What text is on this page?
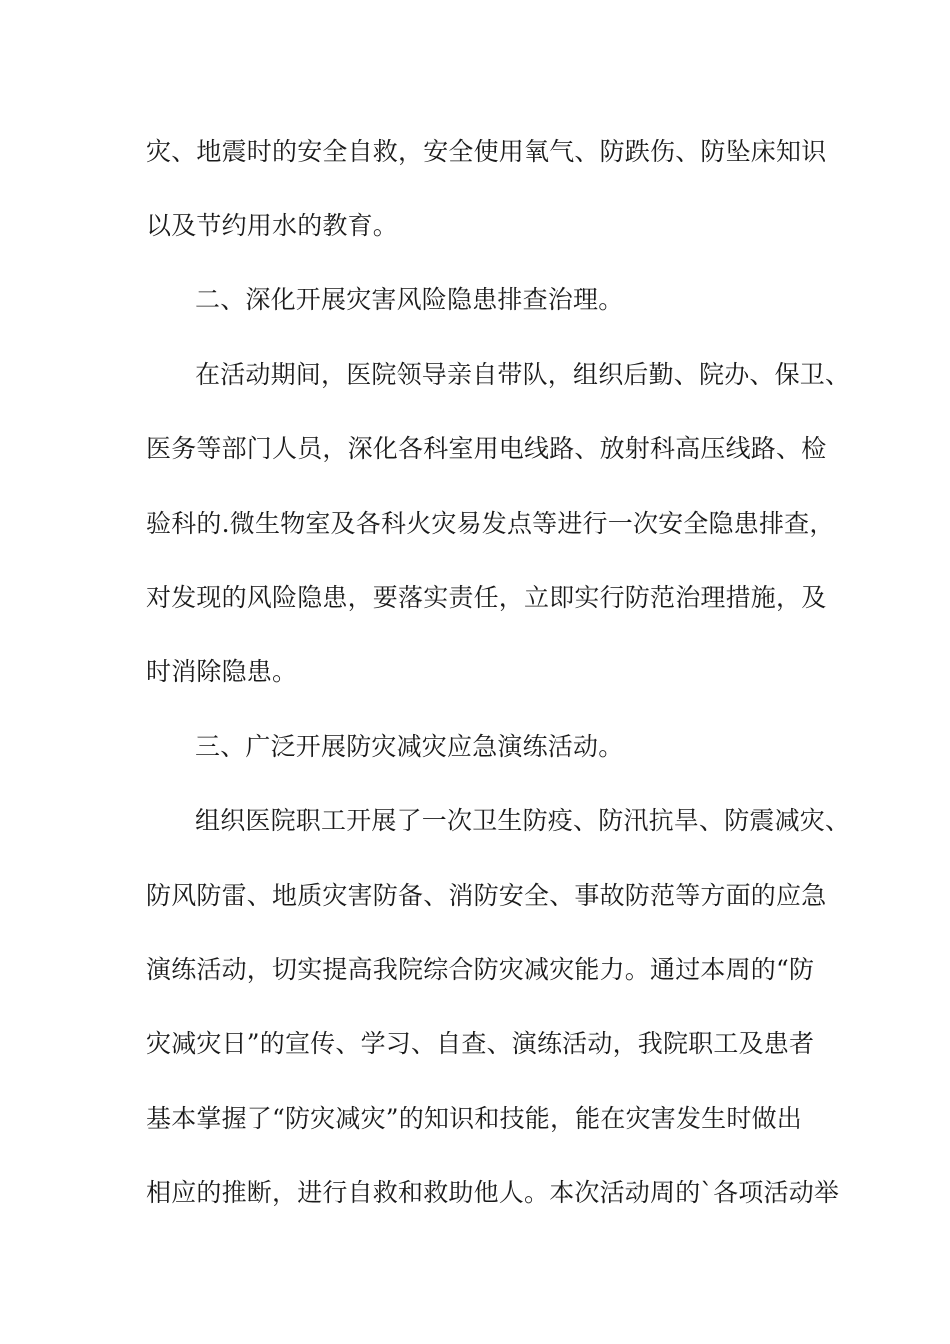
灾、地震时的安全自救，安全使用氧气、防跌伤、防坠床知识
以及节约用水的教育。
二、深化开展灾害风险隐患排查治理。
在活动期间，医院领导亲自带队，组织后勤、院办、保卫、
医务等部门人员，深化各科室用电线路、放射科高压线路、检
验科的.微生物室及各科火灾易发点等进行一次安全隐患排查，
对发现的风险隐患，要落实责任，立即实行防范治理措施，及
时消除隐患。
三、广泛开展防灾减灾应急演练活动。
组织医院职工开展了一次卫生防疫、防汛抗旱、防震减灾、
防风防雷、地质灾害防备、消防安全、事故防范等方面的应急
演练活动，切实提高我院综合防灾减灾能力。通过本周的“防
灾减灾日”的宣传、学习、自查、演练活动，我院职工及患者
基本掌握了“防灾减灾”的知识和技能，能在灾害发生时做出
相应的推断，进行自救和救助他人。本次活动周的`各项活动举
